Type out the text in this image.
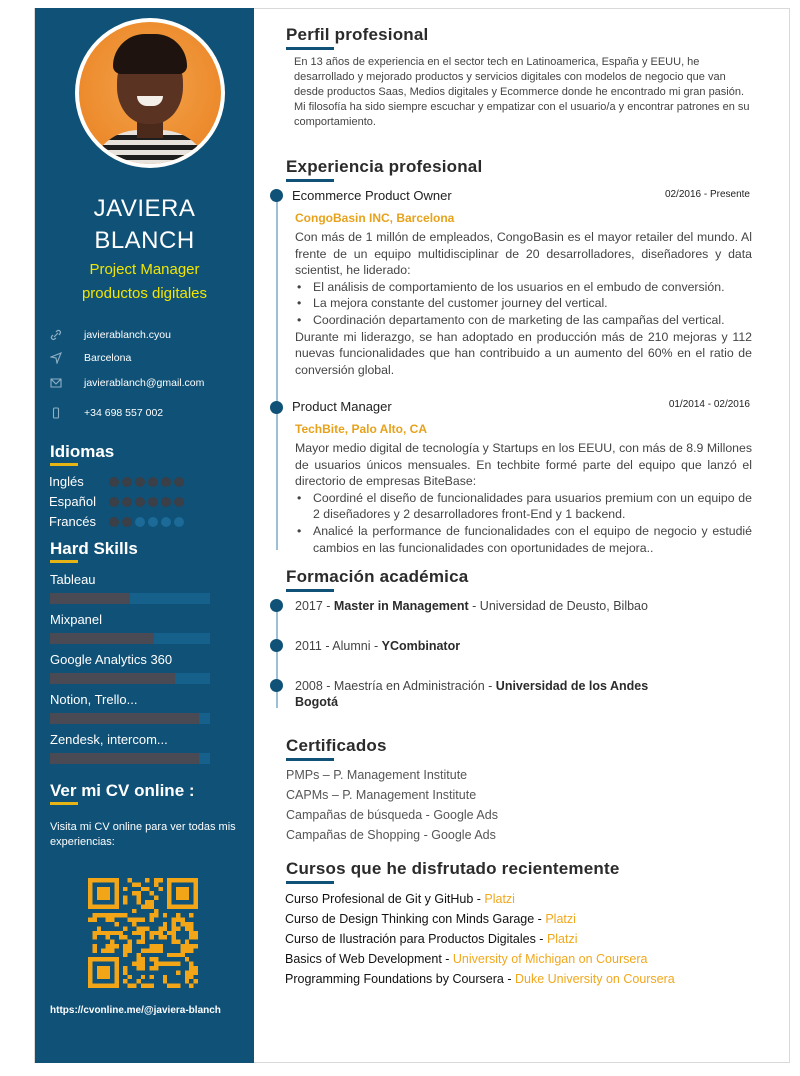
JAVIERA
BLANCH
Project Manager
productos digitales
javierablanch.cyou
Barcelona
javierablanch@gmail.com
+34 698 557 002
Idiomas
Inglés
Español
Francés
Hard Skills
Tableau
Mixpanel
Google Analytics 360
Notion, Trello...
Zendesk, intercom...
Ver mi CV online :
Visita mi CV online para ver todas mis experiencias:
https://cvonline.me/@javiera-blanch
Perfil profesional
En 13 años de experiencia en el sector tech en Latinoamerica, España y EEUU, he desarrollado y mejorado productos y servicios digitales con modelos de negocio que van desde productos Saas, Medios digitales y Ecommerce donde he encontrado mi gran pasión. Mi filosofía ha sido siempre escuchar y empatizar con el usuario/a y encontrar patrones en su comportamiento.
Experiencia profesional
Ecommerce Product Owner	02/2016 - Presente
CongoBasin INC, Barcelona
Con más de 1 millón de empleados, CongoBasin es el mayor retailer del mundo. Al frente de un equipo multidisciplinar de 20 desarrolladores, diseñadores y data scientist, he liderado:
• El análisis de comportamiento de los usuarios en el embudo de conversión.
• La mejora constante del customer journey del vertical.
• Coordinación departamento con de marketing de las campañas del vertical.
Durante mi liderazgo, se han adoptado en producción más de 210 mejoras y 112 nuevas funcionalidades que han contribuido a un aumento del 60% en el ratio de conversión global.
Product Manager	01/2014 - 02/2016
TechBite, Palo Alto, CA
Mayor medio digital de tecnología y Startups en los EEUU, con más de 8.9 Millones de usuarios únicos mensuales. En techbite formé parte del equipo que lanzó el directorio de empresas BiteBase:
• Coordiné el diseño de funcionalidades para usuarios premium con un equipo de 2 diseñadores y 2 desarrolladores front-End y 1 backend.
• Analicé la performance de funcionalidades con el equipo de negocio y estudié cambios en las funcionalidades con oportunidades de mejora..
Formación académica
2017 - Master in Management - Universidad de Deusto, Bilbao
2011 - Alumni - YCombinator
2008 - Maestría en Administración - Universidad de los Andes Bogotá
Certificados
PMPs – P. Management Institute
CAPMs – P. Management Institute
Campañas de búsqueda - Google Ads
Campañas de Shopping - Google Ads
Cursos que he disfrutado recientemente
Curso Profesional de Git y GitHub - Platzi
Curso de Design Thinking con Minds Garage - Platzi
Curso de Ilustración para Productos Digitales - Platzi
Basics of Web Development - University of Michigan on Coursera
Programming Foundations by Coursera - Duke University on Coursera
